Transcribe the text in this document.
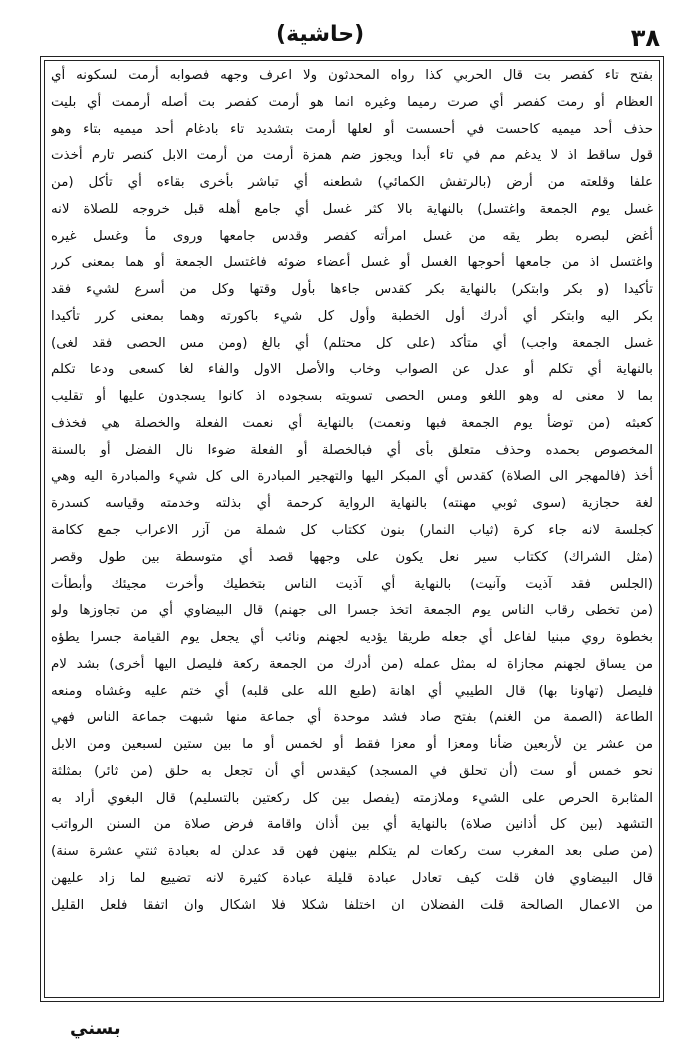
(حاشية)	٣٨
بفتح تاء كفصر بت قال الحربي كذا رواه المحدثون ولا اعرف وجهه فصوابه أرمت لسكونه أي
العظام أو رمت كفصر أي صرت رميما وغيره انما هو أرمت كفصر بت أصله أرممت أي بليت
حذف أحد ميميه كاحست في أحسست أو لعلها أرمت بتشديد تاء بادغام أحد ميميه بتاء وهو
قول ساقط اذ لا يدغم مم في تاء أبدا ويجوز ضم همزة أرمت من أرمت الابل كنصر تارم أخذت
علفا وقلعته من أرض (بالرتفش الكمائي) شطعنه أي تباشر بأخرى بقاءه أي تأكل (من
غسل يوم الجمعة واغتسل) بالنهاية بالا كثر غسل أي جامع أهله قبل خروجه للصلاة لانه
أغض لبصره بطر يقه من غسل امرأته كفصر وقدس جامعها وروى مأ وغسل غيره
واغتسل اذ من جامعها أحوجها الغسل أو غسل أعضاء ضوئه فاغتسل الجمعة أو هما بمعنى كرر
تأكيدا (و بكر وابتكر) بالنهاية بكر كقدس جاءها بأول وقتها وكل من أسرع لشيء فقد
بكر اليه وابتكر أي أدرك أول الخطبة وأول كل شيء باكورته وهما بمعنى كرر تأكيدا
غسل الجمعة واجب) أي متأكد (على كل محتلم) أي بالغ (ومن مس الحصى فقد لغى)
بالنهاية أي تكلم أو عدل عن الصواب وخاب والأصل الاول والفاء لغا كسعى ودعا تكلم
بما لا معنى له وهو اللغو ومس الحصى تسويته بسجوده اذ كانوا يسجدون عليها أو تقليب
كعبثه (من توضأ يوم الجمعة فبها ونعمت) بالنهاية أي نعمت الفعلة والخصلة هي فخذف
المخصوص بحمده وحذف متعلق بأى أي فبالخصلة أو الفعلة ضوءا نال الفضل أو بالسنة
أخذ (فالمهجر الى الصلاة) كقدس أي المبكر اليها والتهجير المبادرة الى كل شيء والمبادرة اليه وهي
لغة حجازية (سوى ثوبي مهنته) بالنهاية الرواية كرحمة أي بذلته وخدمته وقياسه كسدرة
كجلسة لانه جاء كرة (ثياب النمار) بنون ككتاب كل شملة من آزر الاعراب جمع ككامة
(مثل الشراك) ككتاب سير نعل يكون على وجهها قصد أي متوسطة بين طول وقصر
(الجلس فقد آذيت وآنيت) بالنهاية أي آذيت الناس بتخطيك وأخرت مجيئك وأبطأت
(من تخطى رقاب الناس يوم الجمعة اتخذ جسرا الى جهنم) قال البيضاوي أي من تجاوزها ولو
بخطوة روي مبنيا لفاعل أي جعله طريقا يؤديه لجهنم ونائب أي يجعل يوم القيامة جسرا يطؤه
من يساق لجهنم مجازاة له بمثل عمله (من أدرك من الجمعة ركعة فليصل اليها أخرى) بشد لام
فليصل (تهاونا بها) قال الطيبي أي اهانة (طبع الله على قلبه) أي ختم عليه وغشاه ومنعه
الطاعة (الصمة من الغنم) بفتح صاد فشد موحدة أي جماعة منها شبهت جماعة الناس فهي
من عشر ين لأربعين ضأنا ومعزا أو معزا فقط أو لخمس أو ما بين ستين لسبعين ومن الابل
نحو خمس أو ست (أن تحلق في المسجد) كيقدس أي أن تجعل به حلق (من ثائر) بمثلثة
المثابرة الحرص على الشيء وملازمته (يفصل بين كل ركعتين بالتسليم) قال البغوي أراد به
التشهد (بين كل أذانين صلاة) بالنهاية أي بين أذان واقامة فرض صلاة من السنن الرواتب
(من صلى بعد المغرب ست ركعات لم يتكلم بينهن فهن قد عدلن له بعبادة ثنتي عشرة سنة)
قال البيضاوي فان قلت كيف تعادل عبادة قليلة عبادة كثيرة لانه تضييع لما زاد عليهن
من الاعمال الصالحة قلت الفضلان ان اختلفا شكلا فلا اشكال وان اتفقا فلعل القليل
بسني
